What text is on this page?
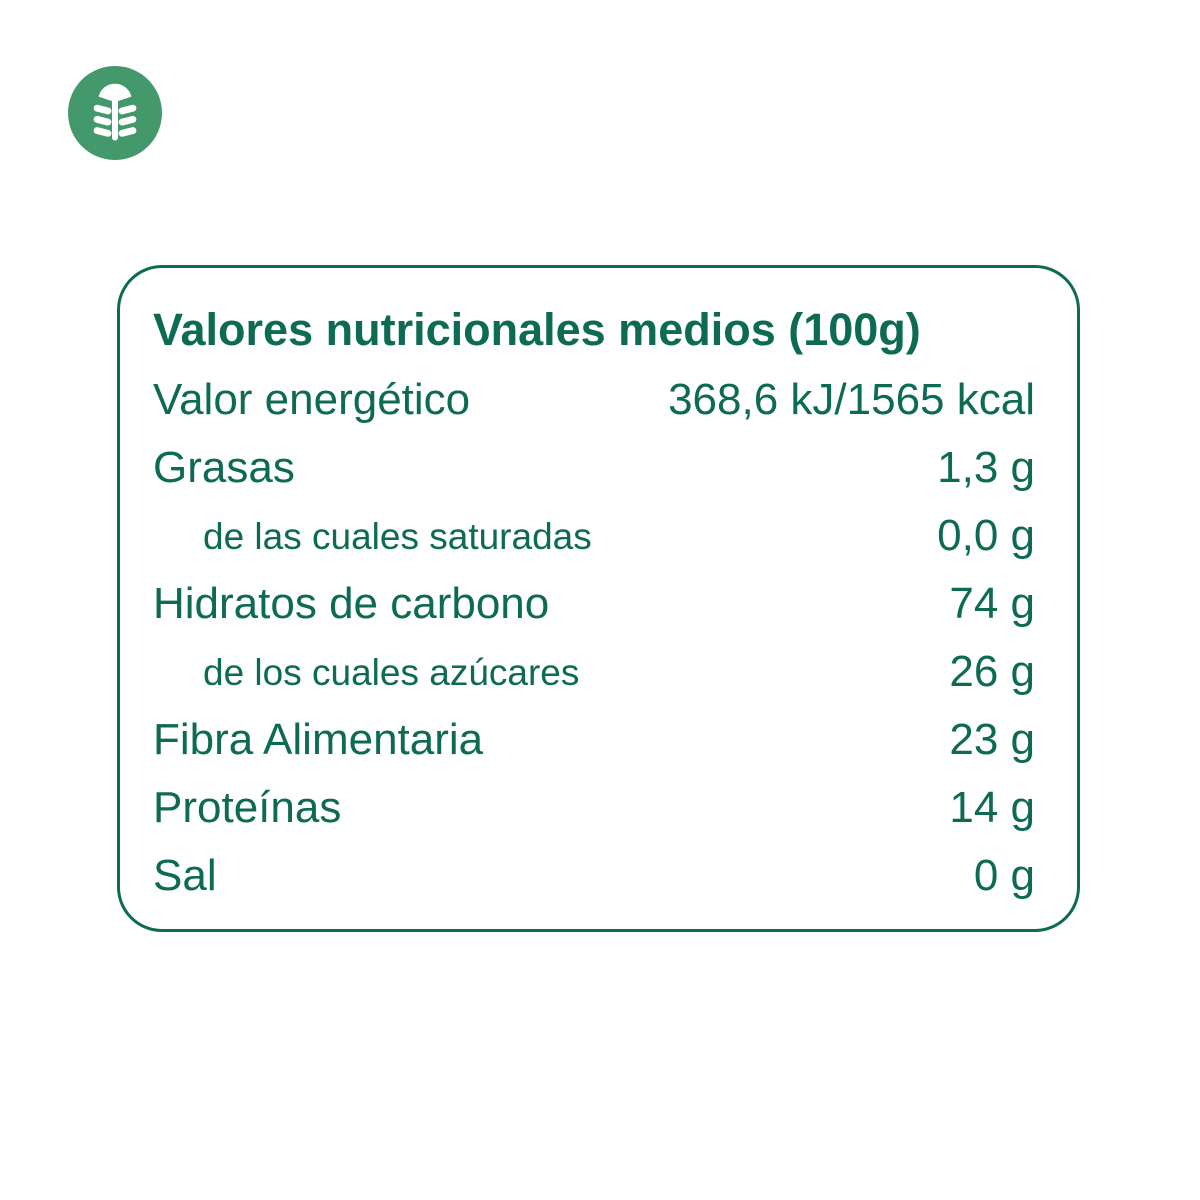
Valores nutricionales medios (100g)
Valor energético	368,6 kJ/1565 kcal
Grasas	1,3 g
de las cuales saturadas	0,0 g
Hidratos de carbono	74 g
de los cuales azúcares	26 g
Fibra Alimentaria	23 g
Proteínas	14 g
Sal	0 g
